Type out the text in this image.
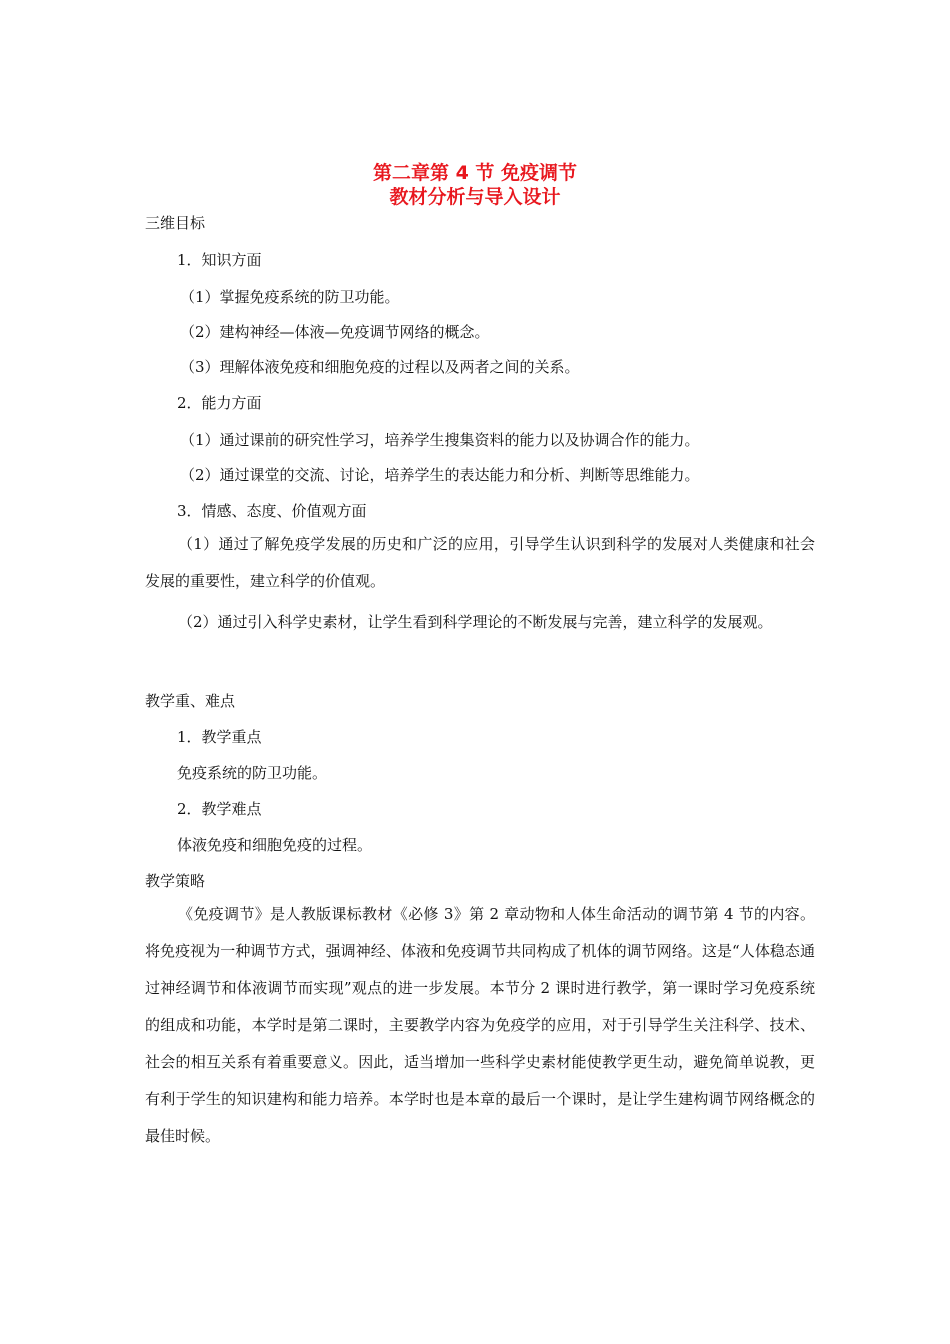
第二章第 4 节 免疫调节
教材分析与导入设计
三维目标
1．知识方面
（1）掌握免疫系统的防卫功能。
（2）建构神经—体液—免疫调节网络的概念。
（3）理解体液免疫和细胞免疫的过程以及两者之间的关系。
2．能力方面
（1）通过课前的研究性学习，培养学生搜集资料的能力以及协调合作的能力。
（2）通过课堂的交流、讨论，培养学生的表达能力和分析、判断等思维能力。
3．情感、态度、价值观方面
（1）通过了解免疫学发展的历史和广泛的应用，引导学生认识到科学的发展对人类健康和社会发展的重要性，建立科学的价值观。
（2）通过引入科学史素材，让学生看到科学理论的不断发展与完善，建立科学的发展观。
教学重、难点
1．教学重点
免疫系统的防卫功能。
2．教学难点
体液免疫和细胞免疫的过程。
教学策略
《免疫调节》是人教版课标教材《必修 3》第 2 章动物和人体生命活动的调节第 4 节的内容。将免疫视为一种调节方式，强调神经、体液和免疫调节共同构成了机体的调节网络。这是“人体稳态通过神经调节和体液调节而实现”观点的进一步发展。本节分 2 课时进行教学，第一课时学习免疫系统的组成和功能，本学时是第二课时，主要教学内容为免疫学的应用，对于引导学生关注科学、技术、社会的相互关系有着重要意义。因此，适当增加一些科学史素材能使教学更生动，避免简单说教，更有利于学生的知识建构和能力培养。本学时也是本章的最后一个课时，是让学生建构调节网络概念的最佳时候。
